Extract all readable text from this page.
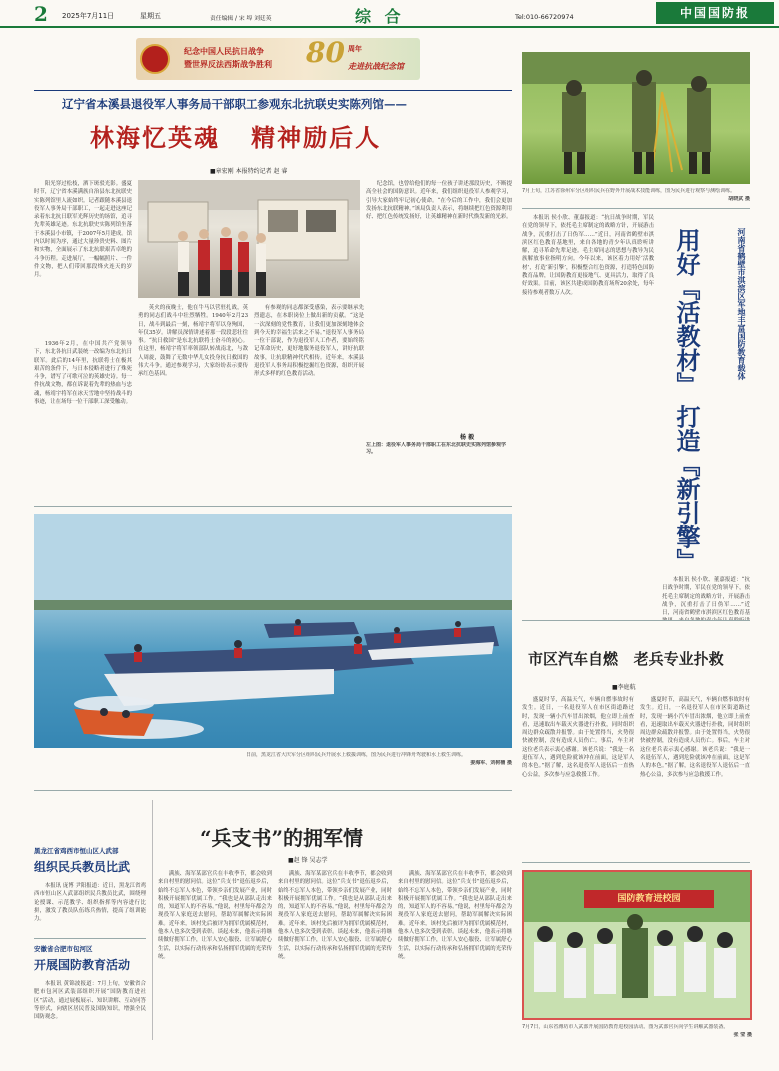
2 2025年7月11日	星期五	责任编辑 / 宋 埠 刘廷英	综 合	Tel:010-66720974	中国国防报
纪念中国人民抗日战争
暨世界反法西斯战争胜利 80 周年
走进抗战纪念馆
辽宁省本溪县退役军人事务局干部职工参观东北抗联史实陈列馆——
林海忆英魂   精神励后人
■章宏刚 本报特约记者 赵 睿

阳光穿过松枝，洒下斑驳光影。盛夏时节，辽宁省本溪满族自治县东北抗联史实陈列馆里人流如织。记者跟随本溪县退役军人事务局干部职工，一起走进这座记录着东北抗日联军光辉历史的场馆，追寻先辈英雄足迹。东北抗联史实陈列馆坐落于本溪县小市镇，于2007年5月建成。馆内以时间为序，通过大量珍贵史料、图片和实物，全面展示了东北抗联艰苦卓绝的斗争历程。走进展厅，一幅幅照片、一件件文物，把人们带回那段烽火连天的岁月。

1936年2月，在中国共产党领导下，东北各抗日武装统一改编为东北抗日联军。此后的14年里，抗联将士在极其艰苦的条件下，与日本侵略者进行了殊死斗争，谱写了可歌可泣的英雄史诗。每一件抗战文物，都在诉说着先辈的热血与忠魂，杨靖宇将军在冰天雪地中坚持战斗的事迹，让在场每一位干部职工深受触动。

英火的夜晚士，他在牛马以营驻扎战，英勇的同志们战斗中壮烈牺牲。1940年2月23日，战斗到最后一刻，杨靖宇将军以身殉国，年仅35岁。讲解员深情讲述着那一段段悲壮往事。“抗日救国”是东北抗联将士奋斗的初心。在这里，杨靖宇将军率领部队转战南北，与敌人周旋，鼓舞了无数中华儿女投身抗日救国的伟大斗争。通过参观学习，大家纷纷表示要传承红色基因。

有参观的同志都深受感染，表示要继承先烈遗志，在本职岗位上做出新的贡献。“这是一次深刻的党性教育，让我们更加深刻地体会到今天的幸福生活来之不易。”退役军人事务局一位干部说，作为退役军人工作者，要始终铭记革命历史，更好地服务退役军人，讲好抗联故事，让抗联精神代代相传。近年来，本溪县退役军人事务局积极挖掘红色资源，组织开展形式多样的红色教育活动。

纪念馆，也曾给他们的每一位孩子讲述那段历史，不断提高全社会的国防意识。近年来，我们组织退役军人参观学习，引导大家始终牢记初心使命。“在今后的工作中，我们会更加发扬东北抗联精神。”该局负责人表示，将继续把红色资源利用好、把红色传统发扬好，让英雄精神在新时代焕发新的光彩。

杨 毅
左上图：退役军人事务局干部职工在东北抗联史实陈列馆参观学习。
7月上旬，江苏省徐州军分区组织民兵在野外开展战术技能训练，图为民兵进行观察与测绘训练。
胡晓武 摄

本报讯 侯小欣、董嘉报道：“抗日战争时期，军民在党的领导下，依托毛主席制定的战略方针，开展游击战争，沉重打击了日伪军……”近日，河南省鹤壁市淇滨区红色教育基地里，来自各地的青少年认真聆听讲解，追寻革命先辈足迹。毛主席同志的思想与教导为民族解放事业指明方向。今年以来，该区着力用好‘活教材’，打造‘新引擎’，积极整合红色资源，打造特色国防教育品牌，让国防教育更接地气、更具活力，取得了良好效果。目前，该区共建成国防教育场所20余处，每年接待参观者数万人次。	河南省鹤壁市淇滨区军地丰富国防教育载体
用好『活教材』 打造『新引擎』
日前，黑龙江省大庆军分区组织民兵开展水上救援训练，图为民兵进行冲锋舟驾驶和水上救生训练。
姜海军、刘树楠 摄

本报讯 侯小欣、董嘉报道：“抗日战争时期，军民在党的领导下，依托毛主席制定的战略方针，开展游击战争，沉重打击了日伪军……”近日，河南省鹤壁市淇滨区红色教育基

市区汽车自燃   老兵专业扑救
■李庭航

盛夏时节，高温天气，车辆自燃事故时有发生。近日，一名退役军人在市区街道路过时，发现一辆小汽车冒出浓烟，他立即上前查看，迅速取出车载灭火器进行扑救，同时组织周边群众疏散并报警。由于处置得当，火势很快被控制，没有造成人员伤亡。事后，车主对这位老兵表示衷心感谢。该老兵说：“我是一名退伍军人，遇到危险就该冲在前面，这是军人的本色。”据了解，这名退役军人退伍后一直热心公益，多次参与应急救援工作。

盛夏时节，高温天气，车辆自燃事故时有发生。近日，一名退役军人在市区街道路过时，发现一辆小汽车冒出浓烟，他立即上前查看，迅速取出车载灭火器进行扑救，同时组织周边群众疏散并报警。由于处置得当，火势很快被控制，没有造成人员伤亡。事后，车主对这位老兵表示衷心感谢。该老兵说：“我是一名退伍军人，遇到危险就该冲在前面，这是军人的本色。”据了解，这名退役军人退伍后一直热心公益，多次参与应急救援工作。

国防教育进校园
7月7日，山东省潍坊市人武部开展国防教育进校园活动。图为武部官兵向学生讲解武器装备。
张 莹 摄
黑龙江省鸡西市恒山区人武部
组织民兵教员比武

本报讯 庞博 尹阳报道：近日，黑龙江省鸡西市恒山区人武部组织民兵教员比武，围绕理论授课、示范教学、组织指挥等内容进行比拼，激发了教员队伍练兵热情，提高了组训能力。

安徽省合肥市包河区
开展国防教育活动

本报讯 黄锦波报道：7月上旬，安徽省合肥市包河区武装部组织开展“国防教育进社区”活动，通过展板展示、知识讲解、互动问答等形式，向辖区居民普及国防知识，增强全民国防观念。

“兵支书”的拥军情
■赵 锋 吴志学

满族、海军某部官兵在丰收季节，都会收到来自村里的慰问信。这位“兵支书”退伍返乡后，始终不忘军人本色，带领乡亲们发展产业，同时积极开展拥军优属工作。“我也是从部队走出来的，知道军人的不容易。”他说，村里每年都会为现役军人家庭送去慰问，帮助军属解决实际困难。近年来，该村先后被评为拥军优属模范村，他本人也多次受到表彰。谈起未来，他表示将继续做好拥军工作，让军人安心服役、让军属舒心生活，以实际行动传承和弘扬拥军优属的光荣传统。

满族、海军某部官兵在丰收季节，都会收到来自村里的慰问信。这位“兵支书”退伍返乡后，始终不忘军人本色，带领乡亲们发展产业，同时积极开展拥军优属工作。“我也是从部队走出来的，知道军人的不容易。”他说，村里每年都会为现役军人家庭送去慰问，帮助军属解决实际困难。近年来，该村先后被评为拥军优属模范村，他本人也多次受到表彰。谈起未来，他表示将继续做好拥军工作，让军人安心服役、让军属舒心生活，以实际行动传承和弘扬拥军优属的光荣传统。

满族、海军某部官兵在丰收季节，都会收到来自村里的慰问信。这位“兵支书”退伍返乡后，始终不忘军人本色，带领乡亲们发展产业，同时积极开展拥军优属工作。“我也是从部队走出来的，知道军人的不容易。”他说，村里每年都会为现役军人家庭送去慰问，帮助军属解决实际困难。近年来，该村先后被评为拥军优属模范村，他本人也多次受到表彰。谈起未来，他表示将继续做好拥军工作，让军人安心服役、让军属舒心生活，以实际行动传承和弘扬拥军优属的光荣传统。
